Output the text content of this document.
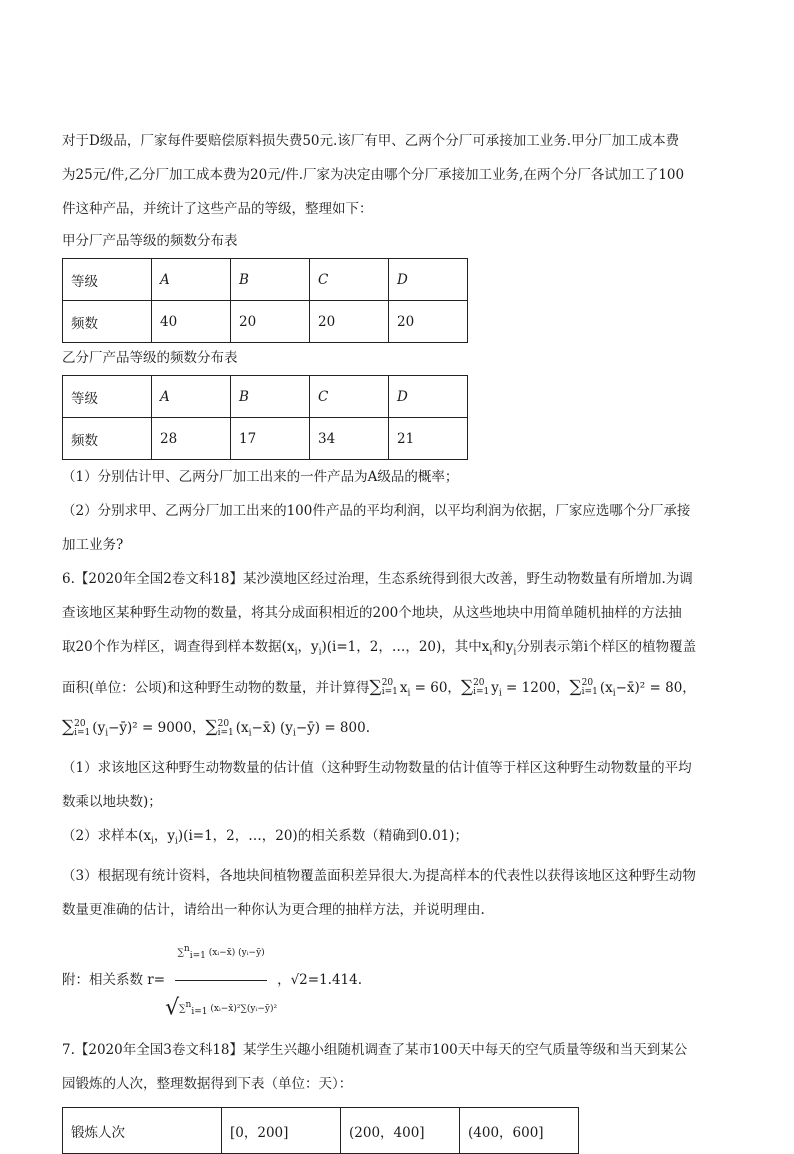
对于D级品，厂家每件要赔偿原料损失费50元.该厂有甲、乙两个分厂可承接加工业务.甲分厂加工成本费

为25元/件,乙分厂加工成本费为20元/件.厂家为决定由哪个分厂承接加工业务,在两个分厂各试加工了100

件这种产品，并统计了这些产品的等级，整理如下：

甲分厂产品等级的频数分布表

等级	A	B	C	D
频数	40	20	20	20

乙分厂产品等级的频数分布表

等级	A	B	C	D
频数	28	17	34	21

（1）分别估计甲、乙两分厂加工出来的一件产品为A级品的概率；

（2）分别求甲、乙两分厂加工出来的100件产品的平均利润，以平均利润为依据，厂家应选哪个分厂承接

加工业务?

6.【2020年全国2卷文科18】某沙漠地区经过治理，生态系统得到很大改善，野生动物数量有所增加.为调

查该地区某种野生动物的数量，将其分成面积相近的200个地块，从这些地块中用简单随机抽样的方法抽

取20个作为样区，调查得到样本数据($x_i$，$y_i)(i=1$，2，…，20)，其中$x_i$和$y_i$分别表示第i个样区的植物覆盖

面积(单位：公顷)和这种野生动物的数量，并计算得∑20
i=1 $x_i = 60$，∑20
i=1 $y_i = 1200$，∑20
i=1 $(x_i-x̄)^2 = 80$，

∑20
i=1 $(y_i-ȳ)^2 = 9000$，∑20
i=1 $(x_i-x̄)$ $(y_i-ȳ) = 800$.

（1）求该地区这种野生动物数量的估计值（这种野生动物数量的估计值等于样区这种野生动物数量的平均

数乘以地块数)；

（2）求样本($x_i$，$y_i)(i=1$，2，…，20)的相关系数（精确到0.01)；

（3）根据现有统计资料，各地块间植物覆盖面积差异很大.为提高样本的代表性以获得该地区这种野生动物

数量更准确的估计，请给出一种你认为更合理的抽样方法，并说明理由.

附：相关系数 $r= \frac{\sum^n_{i=1} (xᵢ-x̄) (yᵢ-ȳ)}{√\sum^n_{i=1} (xᵢ-x̄)^2\sum(yᵢ-ȳ)^2}$ ，√2=1.414.

7.【2020年全国3卷文科18】某学生兴趣小组随机调查了某市100天中每天的空气质量等级和当天到某公

园锻炼的人次，整理数据得到下表（单位：天）：

锻炼人次	[0，200]	(200，400]	(400，600]
